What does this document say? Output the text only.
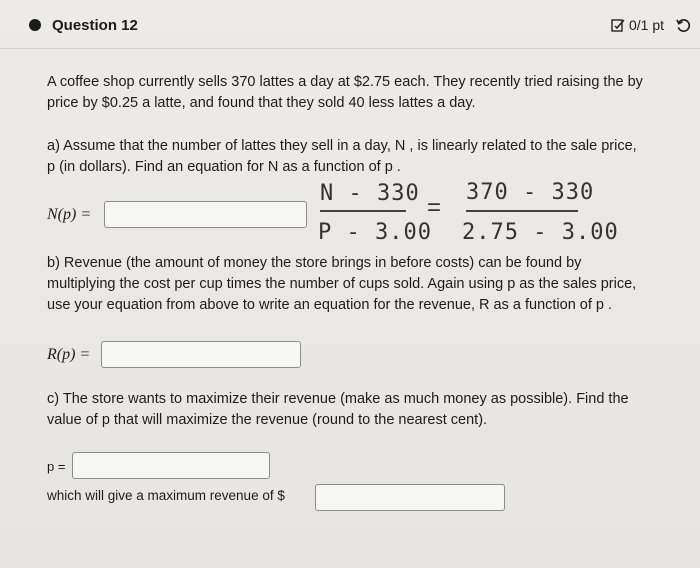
Question 12	0/1 pt
A coffee shop currently sells 370 lattes a day at $2.75 each. They recently tried raising the by
price by $0.25 a latte, and found that they sold 40 less lattes a day.
a) Assume that the number of lattes they sell in a day, N , is linearly related to the sale price,
p (in dollars). Find an equation for N as a function of p .
N(p) =
N - 330
P - 3.00
=
370 - 330
2.75 - 3.00
b) Revenue (the amount of money the store brings in before costs) can be found by
multiplying the cost per cup times the number of cups sold. Again using p as the sales price,
use your equation from above to write an equation for the revenue, R as a function of p .
R(p) =
c) The store wants to maximize their revenue (make as much money as possible). Find the
value of p that will maximize the revenue (round to the nearest cent).
p =
which will give a maximum revenue of $
